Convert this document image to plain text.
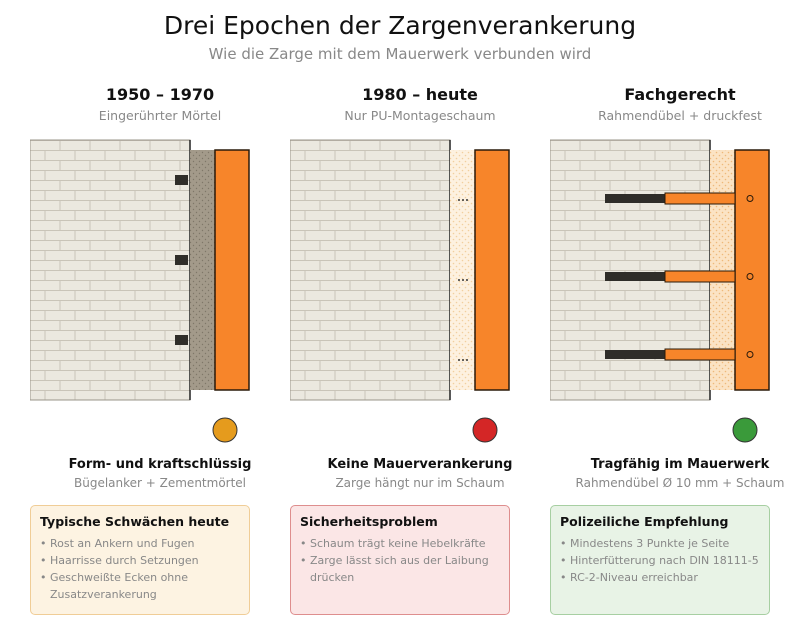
Drei Epochen der Zargenverankerung
Wie die Zarge mit dem Mauerwerk verbunden wird
1950 – 1970
Eingerührter Mörtel
Form- und kraftschlüssig
Bügelanker + Zementmörtel
Typische Schwächen heute
• Rost an Ankern und Fugen
• Haarrisse durch Setzungen
• Geschweißte Ecken ohne Zusatzverankerung
1980 – heute
Nur PU-Montageschaum
Keine Mauerverankerung
Zarge hängt nur im Schaum
Sicherheitsproblem
• Schaum trägt keine Hebelkräfte
• Zarge lässt sich aus der Laibung drücken
Fachgerecht
Rahmendübel + druckfest
Tragfähig im Mauerwerk
Rahmendübel Ø 10 mm + Schaum
Polizeiliche Empfehlung
• Mindestens 3 Punkte je Seite
• Hinterfütterung nach DIN 18111-5
• RC-2-Niveau erreichbar
